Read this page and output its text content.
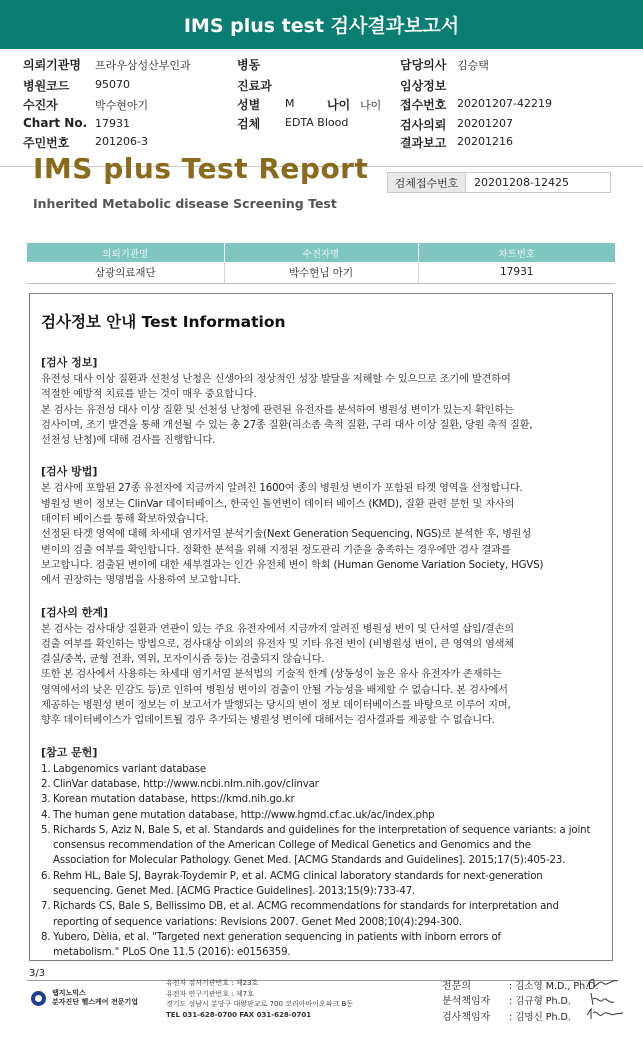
IMS plus test 검사결과보고서
의뢰기관명 프라우삼성산부인과	병동	담당의사 김승택
병원코드 95070	진료과	임상정보
수진자	박수현아기	성별 M	나이 나이 접수번호 20201207-42219
Chart No. 17931	검체 EDTA Blood	검사의뢰 20201207
주민번호 201206-3	결과보고 20201216
IMS plus Test Report
Inherited Metabolic disease Screening Test
검체접수번호	20201208-12425
의뢰기관명	수진자명	차트번호
삼광의료재단	박수현님 아기	17931
검사정보 안내 Test Information
[검사 정보]
유전성 대사 이상 질환과 선천성 난청은 신생아의 정상적인 성장 발달을 저해할 수 있으므로 조기에 발견하여
적절한 예방적 치료를 받는 것이 매우 중요합니다.
본 검사는 유전성 대사 이상 질환 및 선천성 난청에 관련된 유전자를 분석하여 병원성 변이가 있는지 확인하는
검사이며, 조기 발견을 통해 개선될 수 있는 총 27종 질환(리소좀 축적 질환, 구리 대사 이상 질환, 당원 축적 질환,
선천성 난청)에 대해 검사를 진행합니다.
[검사 방법]
본 검사에 포함된 27종 유전자에 지금까지 알려진 1600여 종의 병원성 변이가 포함된 타겟 영역을 선정합니다.
병원성 변이 정보는 ClinVar 데이터베이스, 한국인 돌연변이 데이터 베이스 (KMD), 질환 관련 문헌 및 자사의
데이터 베이스를 통해 확보하였습니다.
선정된 타겟 영역에 대해 차세대 염기서열 분석기술(Next Generation Sequencing, NGS)로 분석한 후, 병원성
변이의 검출 여부를 확인합니다. 정확한 분석을 위해 지정된 정도관리 기준을 충족하는 경우에만 검사 결과를
보고합니다. 검출된 변이에 대한 세부결과는 인간 유전체 변이 학회 (Human Genome Variation Society, HGVS)
에서 권장하는 명명법을 사용하여 보고합니다.
[검사의 한계]
본 검사는 검사대상 질환과 연관이 있는 주요 유전자에서 지금까지 알려진 병원성 변이 및 단서열 삽입/결손의
검출 여부를 확인하는 방법으로, 검사대상 이외의 유전자 및 기타 유전 변이 (비병원성 변이, 큰 영역의 염색체
결실/중복, 균형 전좌, 역위, 모자이시즘 등)는 검출되지 않습니다.
또한 본 검사에서 사용하는 차세대 염기서열 분석법의 기술적 한계 (상동성이 높은 유사 유전자가 존재하는
영역에서의 낮은 민감도 등)로 인하여 병원성 변이의 검출이 안될 가능성을 배제할 수 없습니다. 본 검사에서
제공하는 병원성 변이 정보는 이 보고서가 발행되는 당시의 변이 정보 데이터베이스를 바탕으로 이루어 지며,
향후 데이터베이스가 업데이트될 경우 추가되는 병원성 변이에 대해서는 검사결과를 제공할 수 없습니다.
[참고 문헌]
1. Labgenomics variant database
2. ClinVar database, http://www.ncbi.nlm.nih.gov/clinvar
3. Korean mutation database, https://kmd.nih.go.kr
4. The human gene mutation database, http://www.hgmd.cf.ac.uk/ac/index.php
5. Richards S, Aziz N, Bale S, et al. Standards and guidelines for the interpretation of sequence variants: a joint
consensus recommendation of the American College of Medical Genetics and Genomics and the
Association for Molecular Pathology. Genet Med. [ACMG Standards and Guidelines]. 2015;17(5):405-23.
6. Rehm HL, Bale SJ, Bayrak-Toydemir P, et al. ACMG clinical laboratory standards for next-generation
sequencing. Genet Med. [ACMG Practice Guidelines]. 2013;15(9):733-47.
7. Richards CS, Bale S, Bellissimo DB, et al. ACMG recommendations for standards for interpretation and
reporting of sequence variations: Revisions 2007. Genet Med 2008;10(4):294-300.
8. Yubero, Dèlia, et al. "Targeted next generation sequencing in patients with inborn errors of
metabolism." PLoS One 11.5 (2016): e0156359.
3/3
랩지노믹스
분자진단 헬스케어 전문기업
유전자 검사기관번호 : 제23호
유전자 연구기관번호 : 제7호
경기도 성남시 분당구 대왕판교로 700 코리아바이오파크 B동
TEL 031-628-0700 FAX 031-628-0701
전문의	: 김소영 M.D., Ph.D.
분석책임자 : 김규형 Ph.D.
검사책임자 : 김명신 Ph.D.
